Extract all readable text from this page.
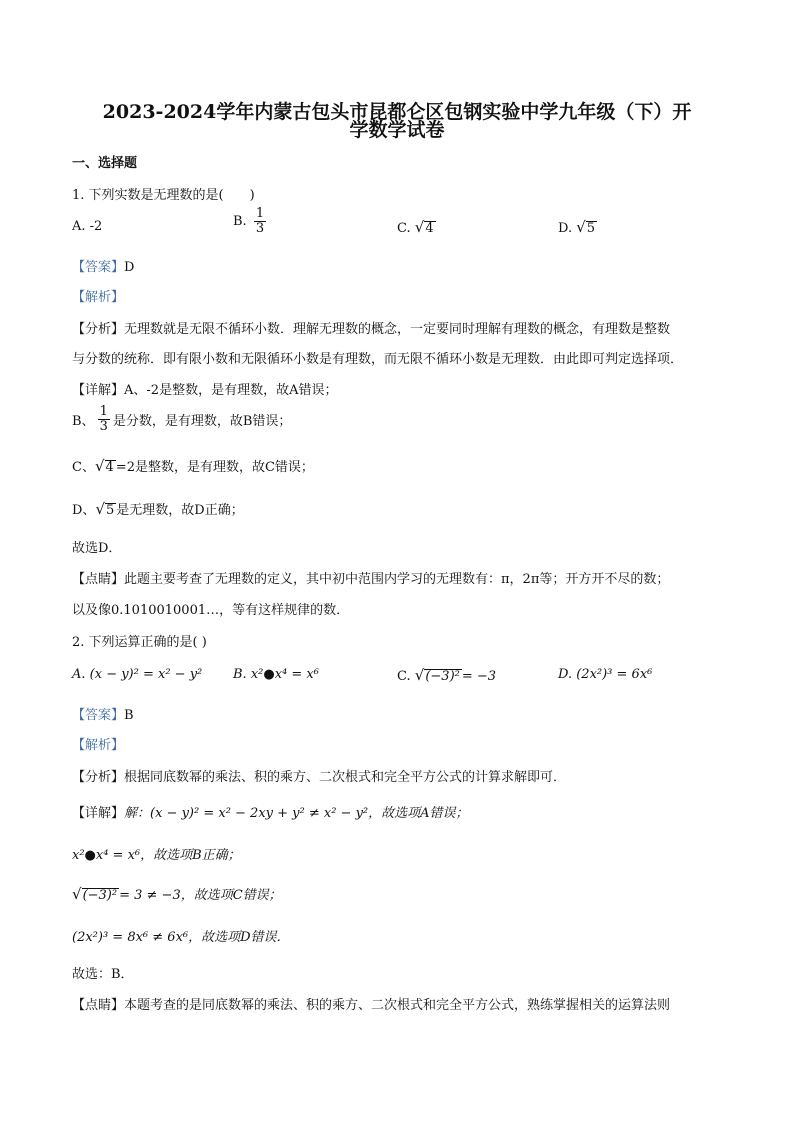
2023-2024学年内蒙古包头市昆都仑区包钢实验中学九年级（下）开
学数学试卷
一、选择题
1. 下列实数是无理数的是(　　)
A. -2	B. $\frac{1}{3}$	C. √4	D. √5
【答案】D
【解析】
【分析】无理数就是无限不循环小数．理解无理数的概念，一定要同时理解有理数的概念，有理数是整数
与分数的统称．即有限小数和无限循环小数是有理数，而无限不循环小数是无理数．由此即可判定选择项．
【详解】A、-2是整数，是有理数，故A错误；
B、 $\frac{1}{3}$ 是分数，是有理数，故B错误；
C、√4 =2是整数，是有理数，故C错误；
D、√5 是无理数，故D正确；
故选D．
【点睛】此题主要考查了无理数的定义，其中初中范围内学习的无理数有：π，2π等；开方开不尽的数；
以及像0.1010010001…，等有这样规律的数．
2. 下列运算正确的是( )
A. (x − y)² = x² − y² B. x²●x⁴ = x⁶	C. √(−3)² = −3	D. (2x²)³ = 6x⁶
【答案】B
【解析】
【分析】根据同底数幂的乘法、积的乘方、二次根式和完全平方公式的计算求解即可．
【详解】解：(x − y)² = x² − 2xy + y² ≠ x² − y²，故选项A错误；
x²●x⁴ = x⁶，故选项B正确；
√(−3)² = 3 ≠ −3，故选项C错误；
(2x²)³ = 8x⁶ ≠ 6x⁶，故选项D错误．
故选：B．
【点睛】本题考查的是同底数幂的乘法、积的乘方、二次根式和完全平方公式，熟练掌握相关的运算法则
